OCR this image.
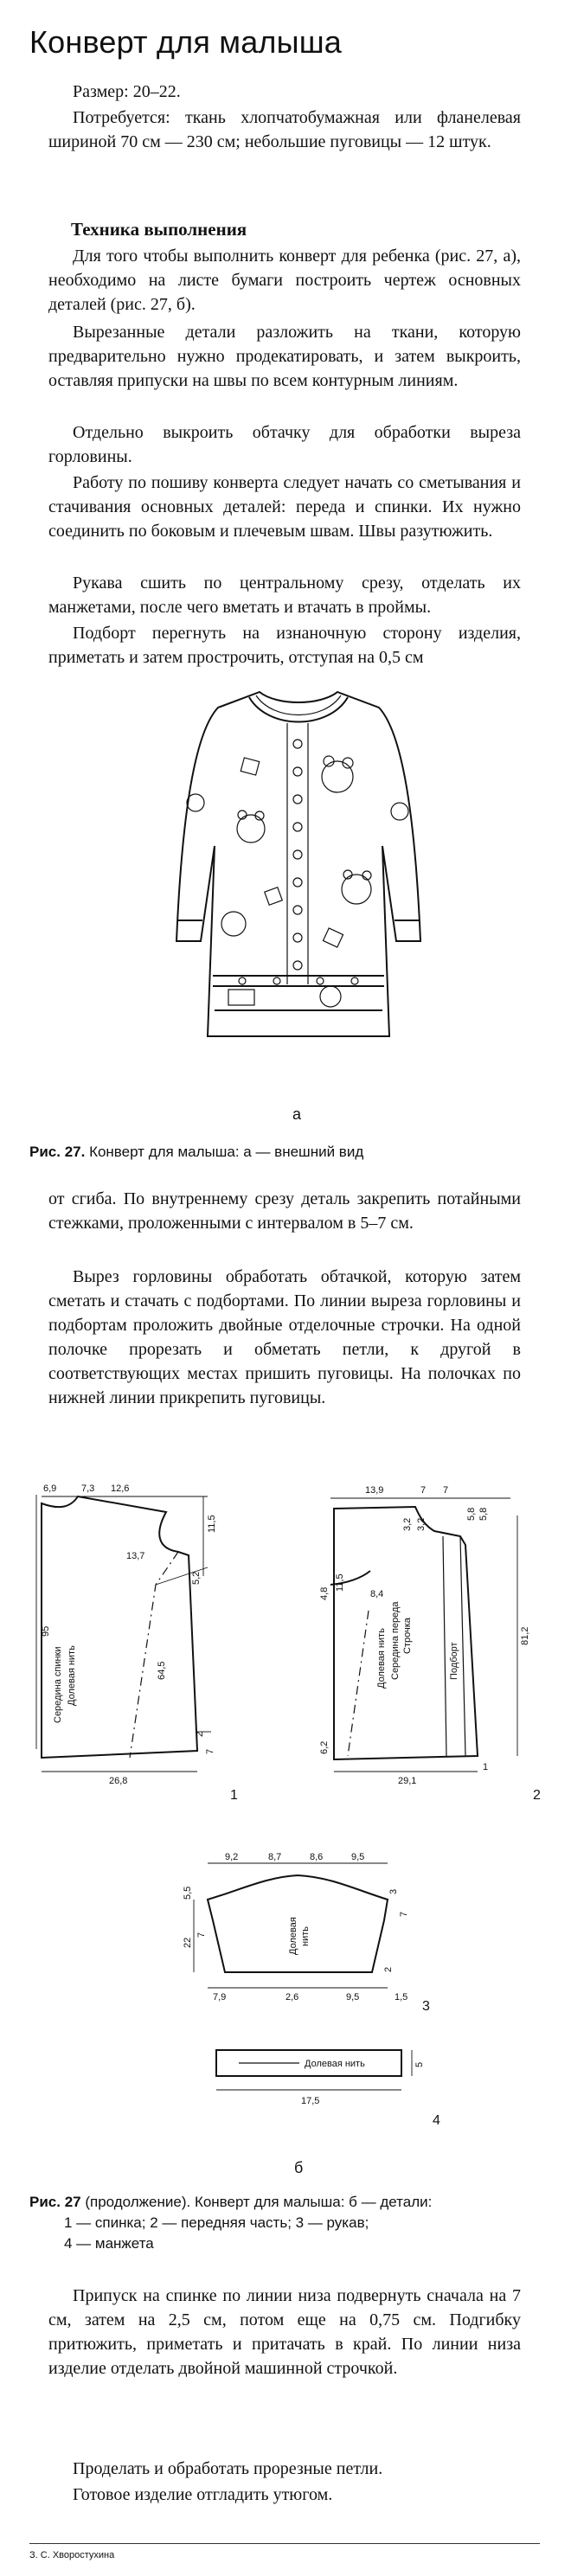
Конверт для малыша

Размер: 20–22.

Потребуется: ткань хлопчатобумажная или фланелевая шириной 70 см — 230 см; небольшие пуговицы — 12 штук.

Техника выполнения

Для того чтобы выполнить конверт для ребенка (рис. 27, а), необходимо на листе бумаги построить чертеж основных деталей (рис. 27, б).

Вырезанные детали разложить на ткани, которую предварительно нужно продекатировать, и затем выкроить, оставляя припуски на швы по всем контурным линиям.

Отдельно выкроить обтачку для обработки выреза горловины.

Работу по пошиву конверта следует начать со сметывания и стачивания основных деталей: переда и спинки. Их нужно соединить по боковым и плечевым швам. Швы разутюжить.

Рукава сшить по центральному срезу, отделать их манжетами, после чего вметать и втачать в проймы.

Подборт перегнуть на изнаночную сторону изделия, приметать и затем прострочить, отступая на 0,5 см

а

Рис. 27. Конверт для малыша: а — внешний вид

от сгиба. По внутреннему срезу деталь закрепить потайными стежками, проложенными с интервалом в 5–7 см.

Вырез горловины обработать обтачкой, которую затем сметать и стачать с подбортами. По линии выреза горловины и подбортам проложить двойные отделочные строчки. На одной полочке прорезать и обметать петли, к другой в соответствующих местах пришить пуговицы. На полочках по нижней линии прикрепить пуговицы.

6,9	7,3 12,6
13,7
11,5
5,2
95
64,5
2
7
26,8
Середина спинки Долевая нить
1
13,9	7 7
3,2 3,2
5,8 5,8
8,4
4,8
11,5
81,2
6,2
29,1
1
Середина переда Строчка
Долевая нить	Подборт
2
9,2	8,7	8,6	9,5
5,5	3
7
22
7
2
7,9	2,6	9,5	1,5
Долевая нить
3
Долевая нить
17,5
5
4
б
Рис. 27 (продолжение). Конверт для малыша: б — детали:
1 — спинка; 2 — передняя часть; 3 — рукав;
4 — манжета

Припуск на спинке по линии низа подвернуть сначала на 7 см, затем на 2,5 см, потом еще на 0,75 см. Подгибку притюжить, приметать и притачать в край. По линии низа изделие отделать двойной машинной строчкой.

Проделать и обработать прорезные петли.

Готовое изделие отгладить утюгом.

З. С. Хворостухина
